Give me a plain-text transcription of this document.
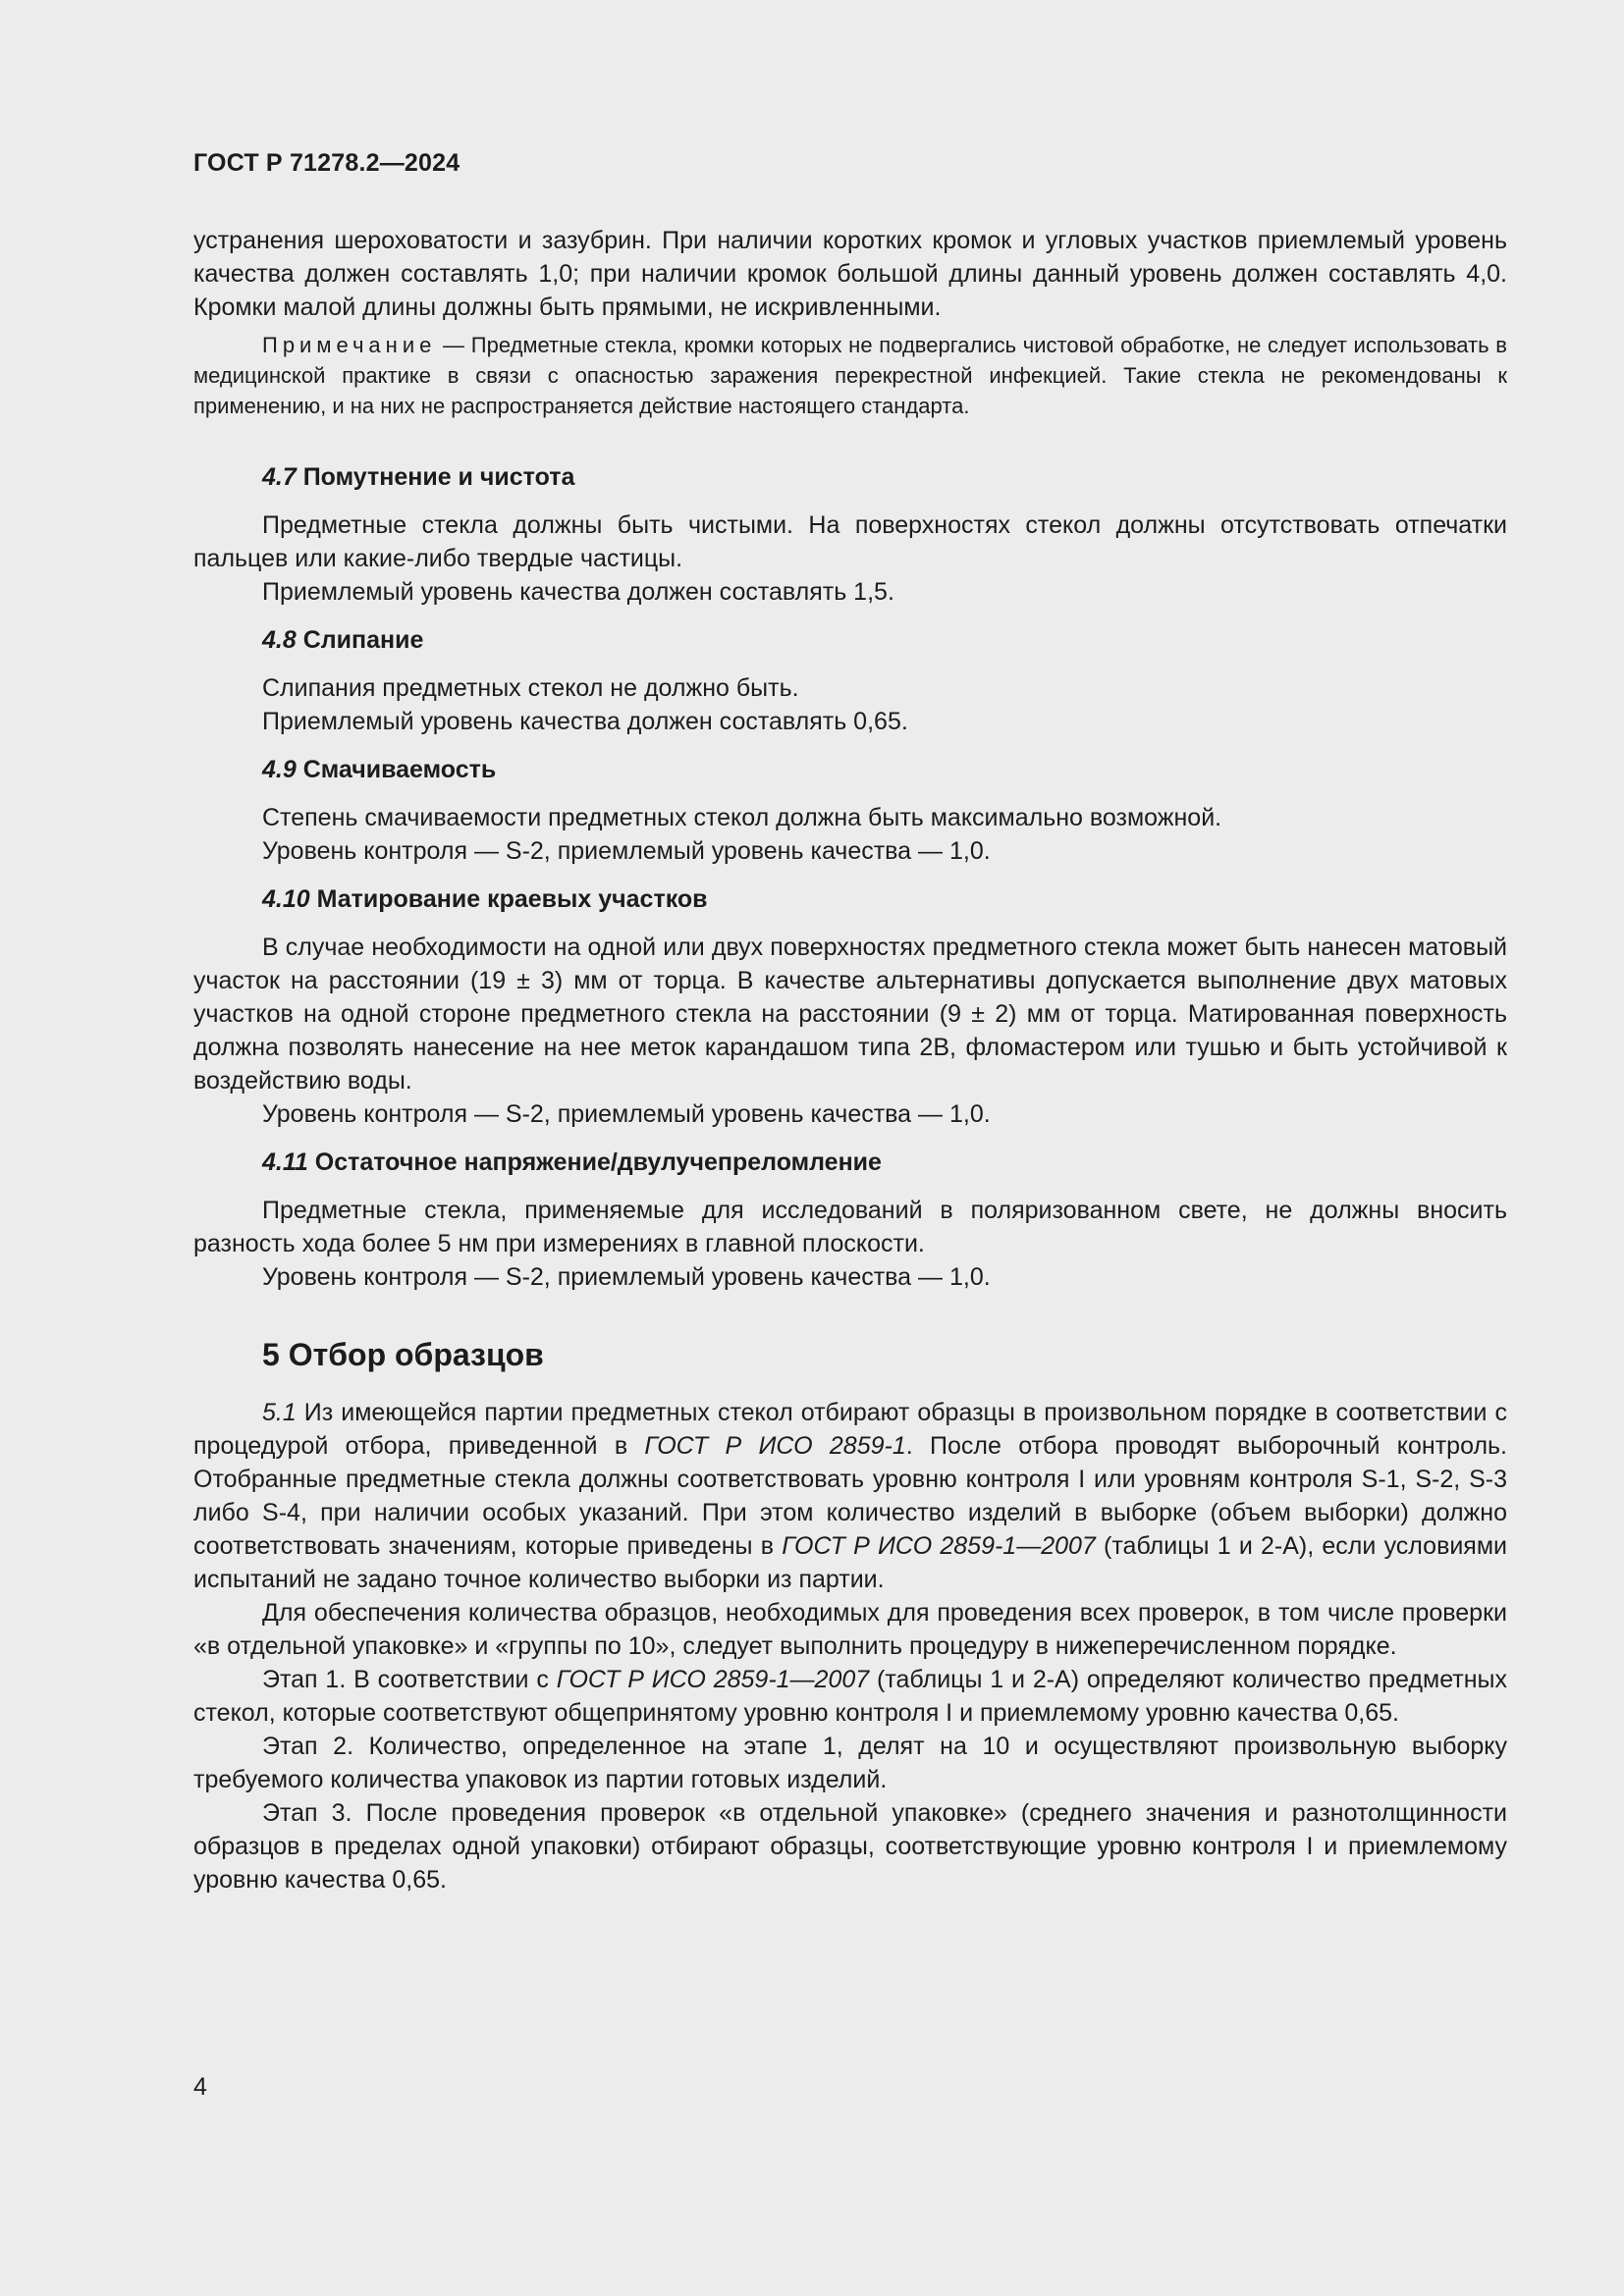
ГОСТ Р 71278.2—2024

устранения шероховатости и зазубрин. При наличии коротких кромок и угловых участков приемлемый уровень качества должен составлять 1,0; при наличии кромок большой длины данный уровень должен составлять 4,0. Кромки малой длины должны быть прямыми, не искривленными.

Примечание — Предметные стекла, кромки которых не подвергались чистовой обработке, не следует использовать в медицинской практике в связи с опасностью заражения перекрестной инфекцией. Такие стекла не рекомендованы к применению, и на них не распространяется действие настоящего стандарта.

4.7 Помутнение и чистота

Предметные стекла должны быть чистыми. На поверхностях стекол должны отсутствовать отпечатки пальцев или какие-либо твердые частицы.

Приемлемый уровень качества должен составлять 1,5.

4.8 Слипание

Слипания предметных стекол не должно быть.

Приемлемый уровень качества должен составлять 0,65.

4.9 Смачиваемость

Степень смачиваемости предметных стекол должна быть максимально возможной.

Уровень контроля — S-2, приемлемый уровень качества — 1,0.

4.10 Матирование краевых участков

В случае необходимости на одной или двух поверхностях предметного стекла может быть нанесен матовый участок на расстоянии (19 ± 3) мм от торца. В качестве альтернативы допускается выполнение двух матовых участков на одной стороне предметного стекла на расстоянии (9 ± 2) мм от торца. Матированная поверхность должна позволять нанесение на нее меток карандашом типа 2В, фломастером или тушью и быть устойчивой к воздействию воды.

Уровень контроля — S-2, приемлемый уровень качества — 1,0.

4.11 Остаточное напряжение/двулучепреломление

Предметные стекла, применяемые для исследований в поляризованном свете, не должны вносить разность хода более 5 нм при измерениях в главной плоскости.

Уровень контроля — S-2, приемлемый уровень качества — 1,0.

5 Отбор образцов

5.1 Из имеющейся партии предметных стекол отбирают образцы в произвольном порядке в соответствии с процедурой отбора, приведенной в ГОСТ Р ИСО 2859-1. После отбора проводят выборочный контроль. Отобранные предметные стекла должны соответствовать уровню контроля I или уровням контроля S-1, S-2, S-3 либо S-4, при наличии особых указаний. При этом количество изделий в выборке (объем выборки) должно соответствовать значениям, которые приведены в ГОСТ Р ИСО 2859-1—2007 (таблицы 1 и 2-А), если условиями испытаний не задано точное количество выборки из партии.

Для обеспечения количества образцов, необходимых для проведения всех проверок, в том числе проверки «в отдельной упаковке» и «группы по 10», следует выполнить процедуру в нижеперечисленном порядке.

Этап 1. В соответствии с ГОСТ Р ИСО 2859-1—2007 (таблицы 1 и 2-А) определяют количество предметных стекол, которые соответствуют общепринятому уровню контроля I и приемлемому уровню качества 0,65.

Этап 2. Количество, определенное на этапе 1, делят на 10 и осуществляют произвольную выборку требуемого количества упаковок из партии готовых изделий.

Этап 3. После проведения проверок «в отдельной упаковке» (среднего значения и разнотолщинности образцов в пределах одной упаковки) отбирают образцы, соответствующие уровню контроля I и приемлемому уровню качества 0,65.

4
